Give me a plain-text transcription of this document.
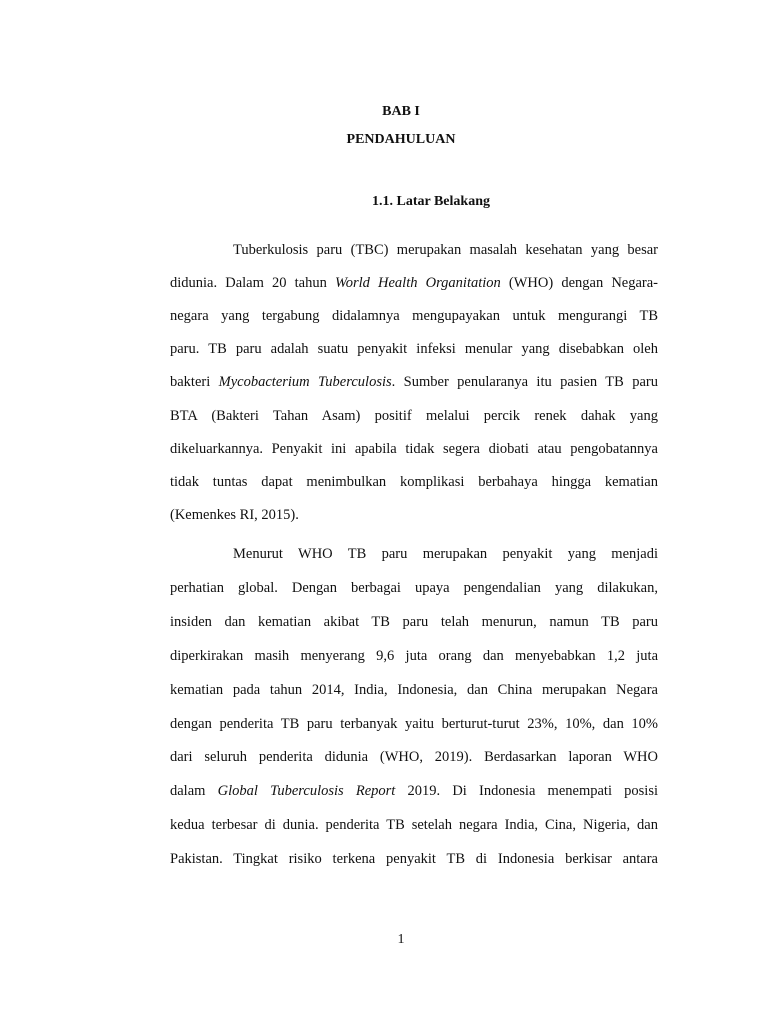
BAB I
PENDAHULUAN
1.1. Latar Belakang
Tuberkulosis paru (TBC) merupakan masalah kesehatan yang besar
didunia. Dalam 20 tahun World Health Organitation (WHO) dengan Negara-
negara yang tergabung didalamnya mengupayakan untuk mengurangi TB
paru. TB paru adalah suatu penyakit infeksi menular yang disebabkan oleh
bakteri Mycobacterium Tuberculosis. Sumber penularanya itu pasien TB paru
BTA (Bakteri Tahan Asam) positif melalui percik renek dahak yang
dikeluarkannya. Penyakit ini apabila tidak segera diobati atau pengobatannya
tidak tuntas dapat menimbulkan komplikasi berbahaya hingga kematian
(Kemenkes RI, 2015).
Menurut WHO TB paru merupakan penyakit yang menjadi
perhatian global. Dengan berbagai upaya pengendalian yang dilakukan,
insiden dan kematian akibat TB paru telah menurun, namun TB paru
diperkirakan masih menyerang 9,6 juta orang dan menyebabkan 1,2 juta
kematian pada tahun 2014, India, Indonesia, dan China merupakan Negara
dengan penderita TB paru terbanyak yaitu berturut-turut 23%, 10%, dan 10%
dari seluruh penderita didunia (WHO, 2019). Berdasarkan laporan WHO
dalam Global Tuberculosis Report 2019. Di Indonesia menempati posisi
kedua terbesar di dunia. penderita TB setelah negara India, Cina, Nigeria, dan
Pakistan. Tingkat risiko terkena penyakit TB di Indonesia berkisar antara
1
